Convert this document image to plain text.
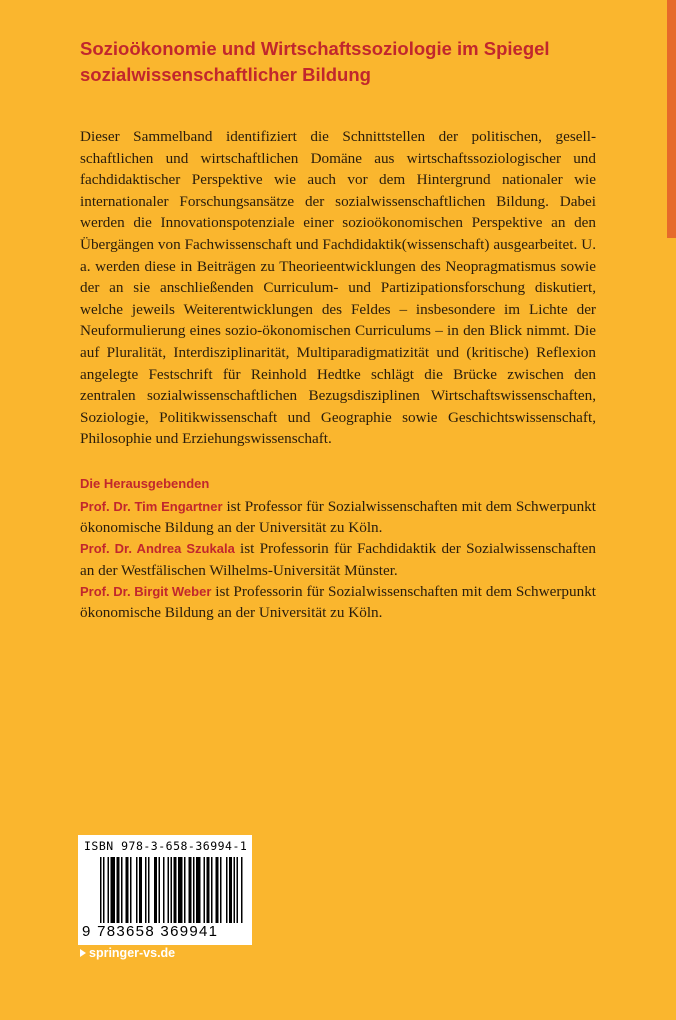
Sozioökonomie und Wirtschaftssoziologie im Spiegel sozialwissenschaftlicher Bildung

Dieser Sammelband identifiziert die Schnittstellen der politischen, gesellschaftlichen und wirtschaftlichen Domäne aus wirtschaftssoziologischer und fachdidaktischer Perspektive wie auch vor dem Hintergrund nationaler wie internationaler Forschungsansätze der sozialwissenschaftlichen Bildung. Dabei werden die Innovationspotenziale einer sozioökonomischen Perspektive an den Übergängen von Fachwissenschaft und Fachdidaktik(wissenschaft) ausgearbeitet. U. a. werden diese in Beiträgen zu Theorieentwicklungen des Neopragmatismus sowie der an sie anschließenden Curriculum- und Partizipationsforschung diskutiert, welche jeweils Weiterentwicklungen des Feldes – insbesondere im Lichte der Neuformulierung eines sozio-ökonomischen Curriculums – in den Blick nimmt. Die auf Pluralität, Interdisziplinarität, Multiparadigmatizität und (kritische) Reflexion angelegte Festschrift für Reinhold Hedtke schlägt die Brücke zwischen den zentralen sozialwissenschaftlichen Bezugsdisziplinen Wirtschaftswissenschaften, Soziologie, Politikwissenschaft und Geographie sowie Geschichtswissenschaft, Philosophie und Erziehungswissenschaft.

Die Herausgebenden

Prof. Dr. Tim Engartner ist Professor für Sozialwissenschaften mit dem Schwerpunkt ökonomische Bildung an der Universität zu Köln.

Prof. Dr. Andrea Szukala ist Professorin für Fachdidaktik der Sozialwissenschaften an der Westfälischen Wilhelms-Universität Münster.

Prof. Dr. Birgit Weber ist Professorin für Sozialwissenschaften mit dem Schwerpunkt ökonomische Bildung an der Universität zu Köln.

ISBN 978-3-658-36994-1
9 783658 369941
springer-vs.de
